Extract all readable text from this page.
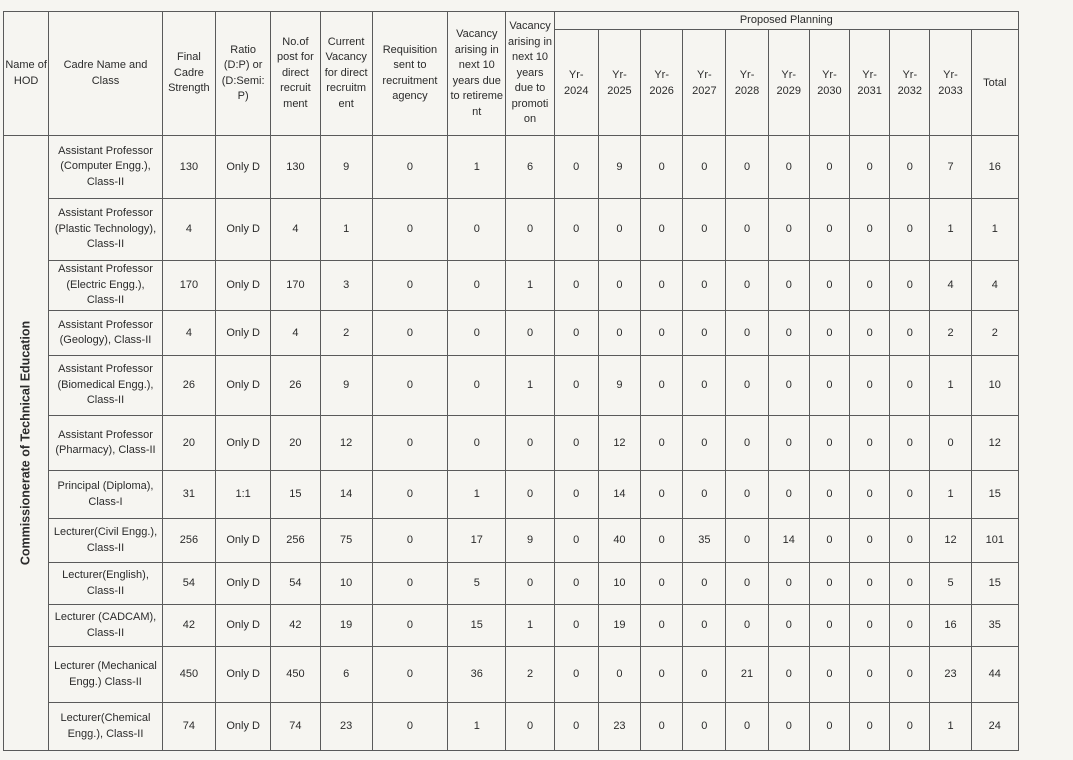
Name of HOD	Cadre Name and Class	Final Cadre Strength	Ratio (D:P) or (D:Semi: P)	No.of post for direct recruit ment	Current Vacancy for direct recruitm ent	Requisition sent to recruitment agency	Vacancy arising in next 10 years due to retireme nt	Vacancy arising in next 10 years due to promoti on	Proposed Planning										
									Yr- 2024	Yr- 2025	Yr- 2026	Yr- 2027	Yr- 2028	Yr- 2029	Yr- 2030	Yr- 2031	Yr- 2032	Yr- 2033	Total

Commissionerate of Technical Education	Assistant Professor (Computer Engg.), Class-II	130	Only D	130	9	0	1	6	0	9	0	0	0	0	0	0	0	7	16
	Assistant Professor (Plastic Technology), Class-II	4	Only D	4	1	0	0	0	0	0	0	0	0	0	0	0	0	1	1
	Assistant Professor (Electric Engg.), Class-II	170	Only D	170	3	0	0	1	0	0	0	0	0	0	0	0	0	4	4
	Assistant Professor (Geology), Class-II	4	Only D	4	2	0	0	0	0	0	0	0	0	0	0	0	0	2	2
	Assistant Professor (Biomedical Engg.), Class-II	26	Only D	26	9	0	0	1	0	9	0	0	0	0	0	0	0	1	10
	Assistant Professor (Pharmacy), Class-II	20	Only D	20	12	0	0	0	0	12	0	0	0	0	0	0	0	0	12
	Principal (Diploma), Class-I	31	1:1	15	14	0	1	0	0	14	0	0	0	0	0	0	0	1	15
	Lecturer(Civil Engg.), Class-II	256	Only D	256	75	0	17	9	0	40	0	35	0	14	0	0	0	12	101
	Lecturer(English), Class-II	54	Only D	54	10	0	5	0	0	10	0	0	0	0	0	0	0	5	15
	Lecturer (CADCAM), Class-II	42	Only D	42	19	0	15	1	0	19	0	0	0	0	0	0	0	16	35
	Lecturer (Mechanical Engg.) Class-II	450	Only D	450	6	0	36	2	0	0	0	0	21	0	0	0	0	23	44
	Lecturer(Chemical Engg.), Class-II	74	Only D	74	23	0	1	0	0	23	0	0	0	0	0	0	0	1	24
